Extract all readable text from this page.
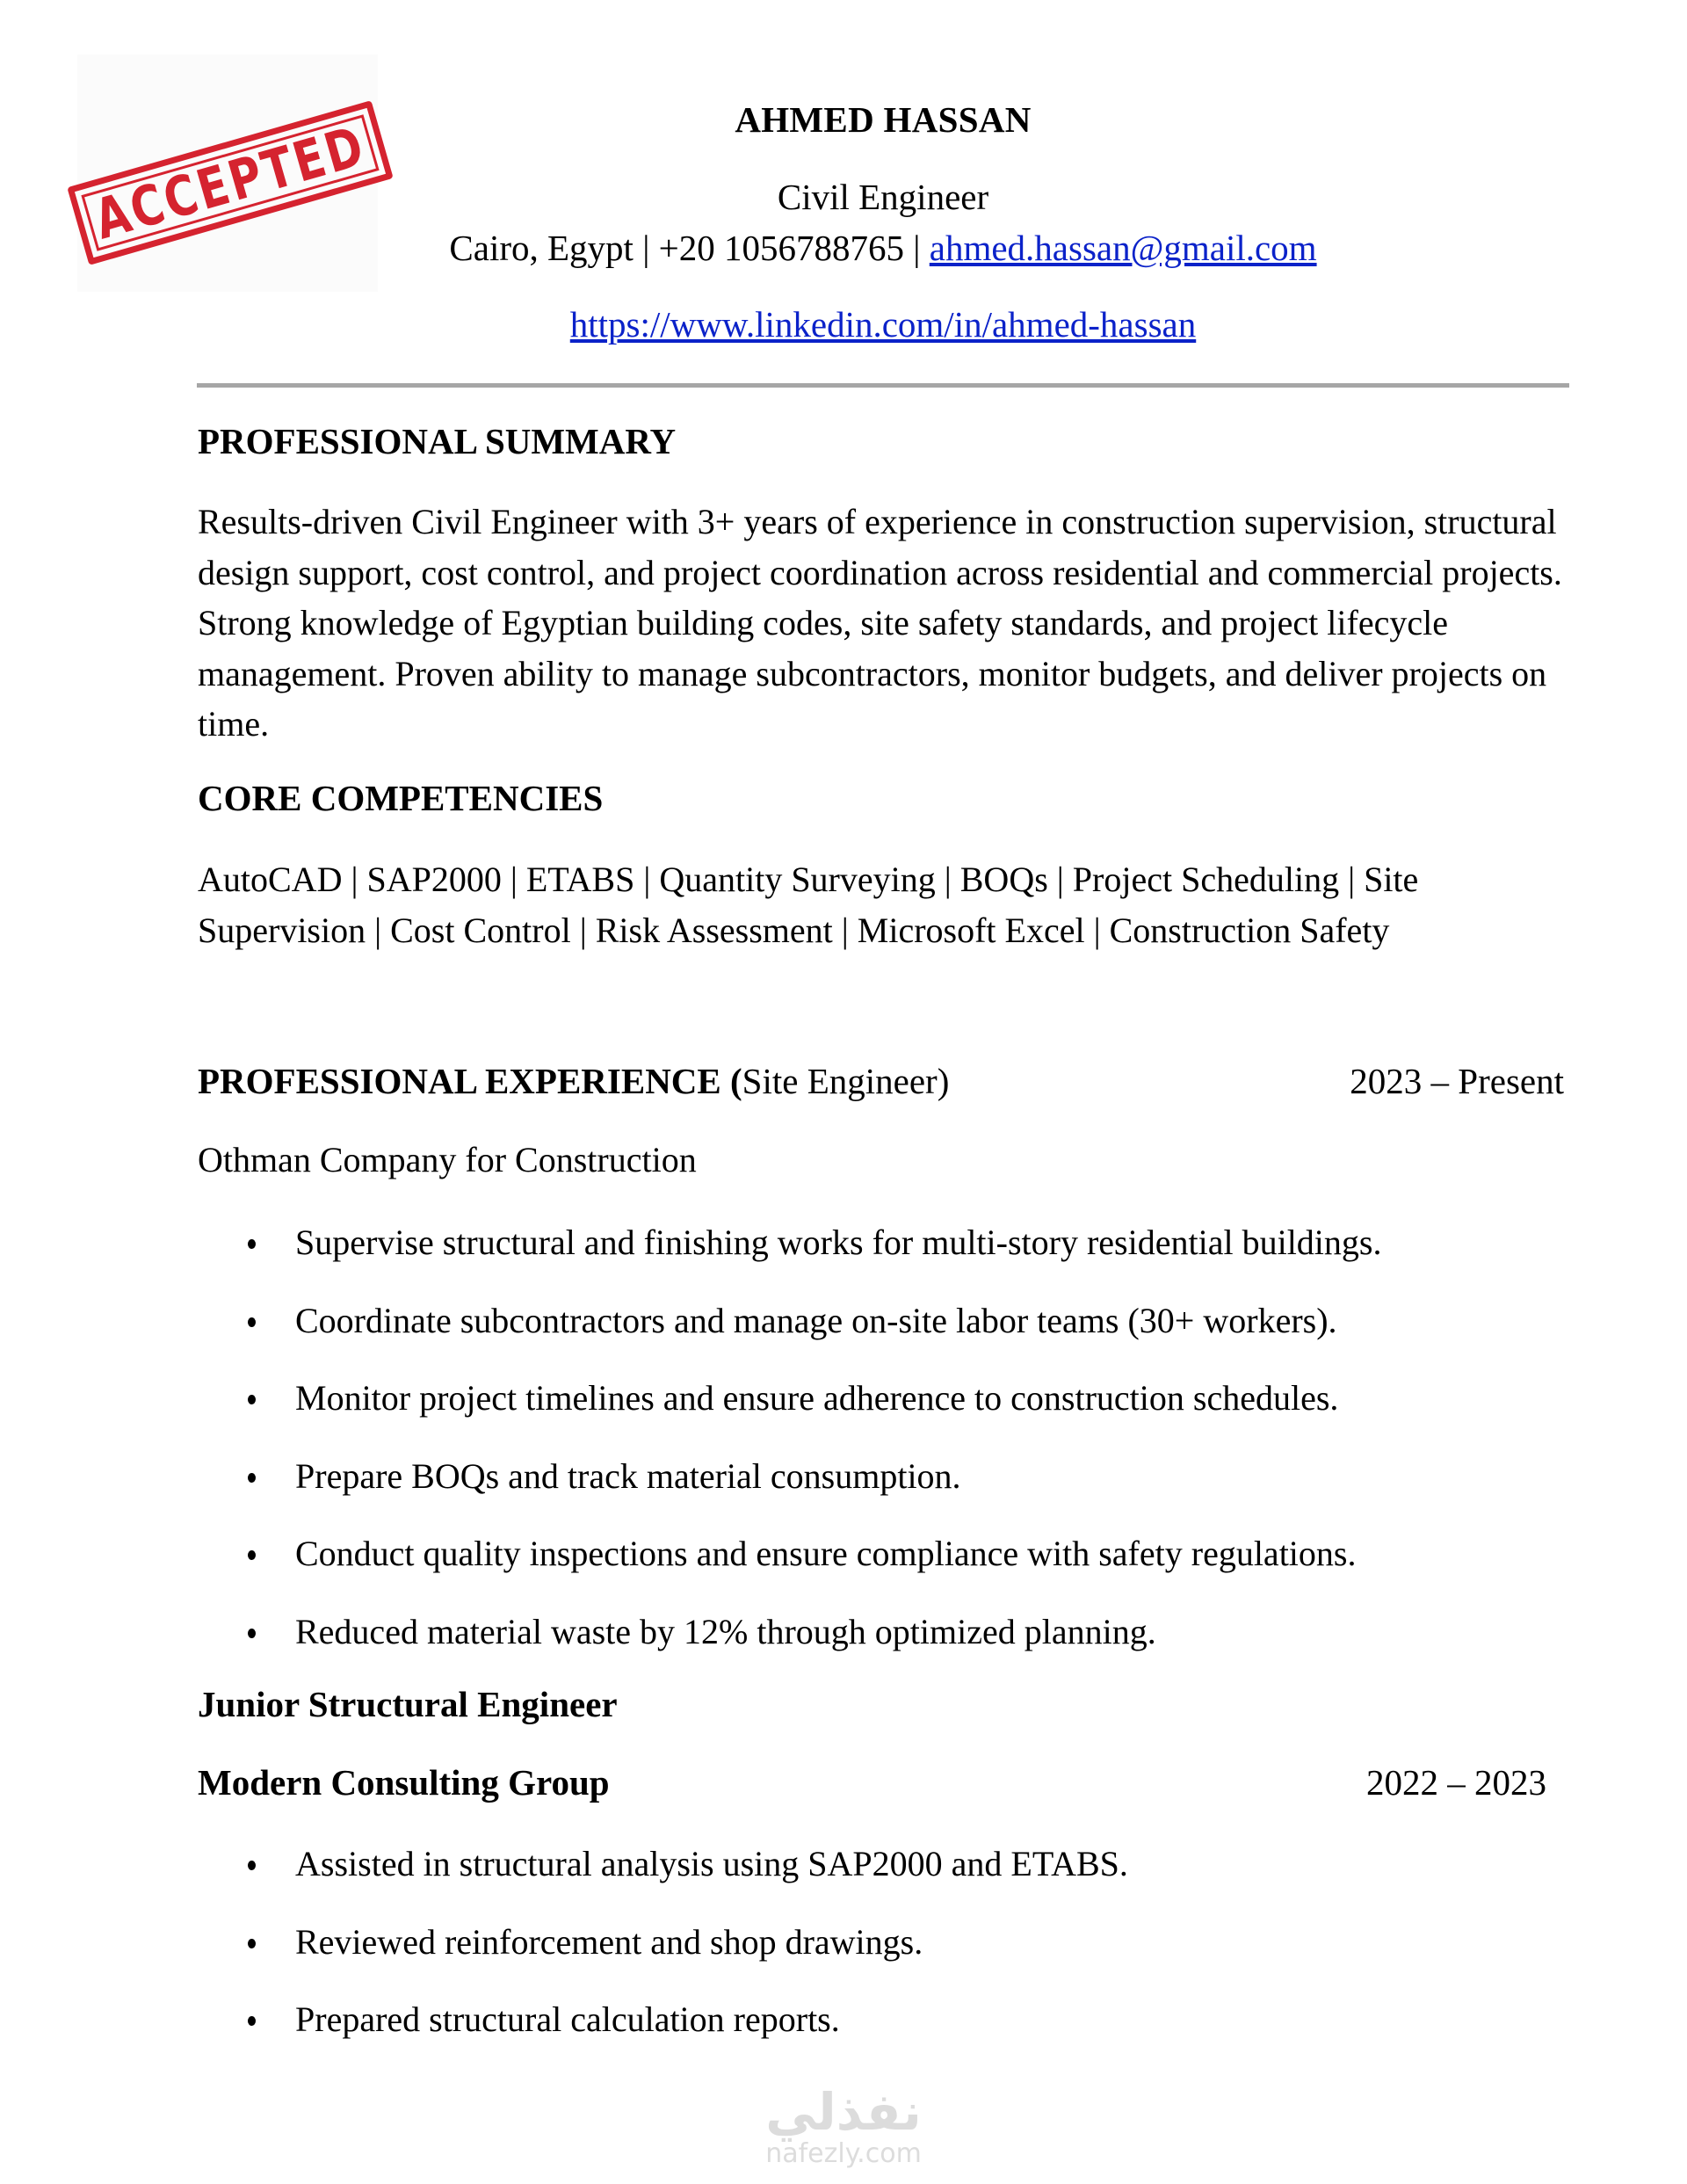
ACCEPTED	AHMED HASSAN
Civil Engineer
Cairo, Egypt | +20 1056788765 | ahmed.hassan@gmail.com
https://www.linkedin.com/in/ahmed-hassan
PROFESSIONAL SUMMARY
Results-driven Civil Engineer with 3+ years of experience in construction supervision, structural design support, cost control, and project coordination across residential and commercial projects. Strong knowledge of Egyptian building codes, site safety standards, and project lifecycle management. Proven ability to manage subcontractors, monitor budgets, and deliver projects on time.
CORE COMPETENCIES
AutoCAD | SAP2000 | ETABS | Quantity Surveying | BOQs | Project Scheduling | Site Supervision | Cost Control | Risk Assessment | Microsoft Excel | Construction Safety
PROFESSIONAL EXPERIENCE (Site Engineer)	2023 – Present
Othman Company for Construction
Supervise structural and finishing works for multi-story residential buildings.
Coordinate subcontractors and manage on-site labor teams (30+ workers).
Monitor project timelines and ensure adherence to construction schedules.
Prepare BOQs and track material consumption.
Conduct quality inspections and ensure compliance with safety regulations.
Reduced material waste by 12% through optimized planning.
Junior Structural Engineer
Modern Consulting Group	2022 – 2023
Assisted in structural analysis using SAP2000 and ETABS.
Reviewed reinforcement and shop drawings.
Prepared structural calculation reports.
نفذلي
nafezly.com
